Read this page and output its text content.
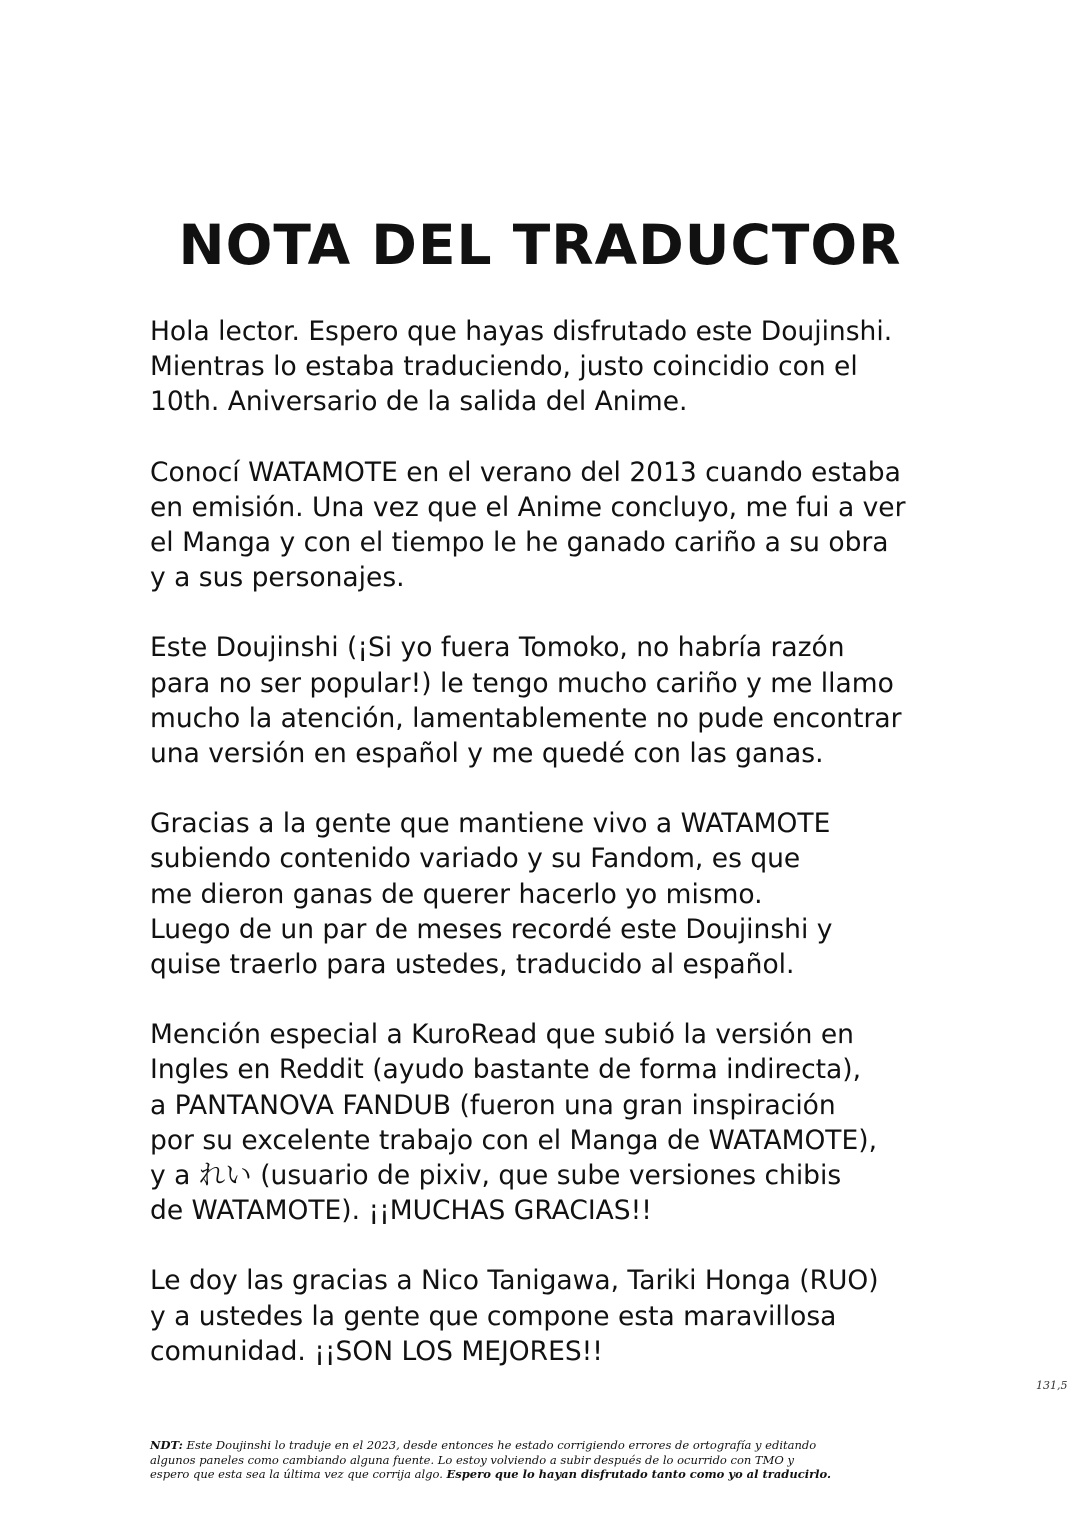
NOTA DEL TRADUCTOR

Hola lector. Espero que hayas disfrutado este Doujinshi.
Mientras lo estaba traduciendo, justo coincidio con el
10th. Aniversario de la salida del Anime.

Conocí WATAMOTE en el verano del 2013 cuando estaba
en emisión. Una vez que el Anime concluyo, me fui a ver
el Manga y con el tiempo le he ganado cariño a su obra
y a sus personajes.

Este Doujinshi (¡Si yo fuera Tomoko, no habría razón
para no ser popular!) le tengo mucho cariño y me llamo
mucho la atención, lamentablemente no pude encontrar
una versión en español y me quedé con las ganas.

Gracias a la gente que mantiene vivo a WATAMOTE
subiendo contenido variado y su Fandom, es que
me dieron ganas de querer hacerlo yo mismo.
Luego de un par de meses recordé este Doujinshi y
quise traerlo para ustedes, traducido al español.

Mención especial a KuroRead que subió la versión en
Ingles en Reddit (ayudo bastante de forma indirecta),
a PANTANOVA FANDUB (fueron una gran inspiración
por su excelente trabajo con el Manga de WATAMOTE),
y a れい (usuario de pixiv, que sube versiones chibis
de WATAMOTE). ¡¡MUCHAS GRACIAS!!

Le doy las gracias a Nico Tanigawa, Tariki Honga (RUO)
y a ustedes la gente que compone esta maravillosa
comunidad. ¡¡SON LOS MEJORES!!

131,5
NDT: Este Doujinshi lo traduje en el 2023, desde entonces he estado corrigiendo errores de ortografía y editando
algunos paneles como cambiando alguna fuente. Lo estoy volviendo a subir después de lo ocurrido con TMO y
espero que esta sea la última vez que corrija algo. Espero que lo hayan disfrutado tanto como yo al traducirlo.
